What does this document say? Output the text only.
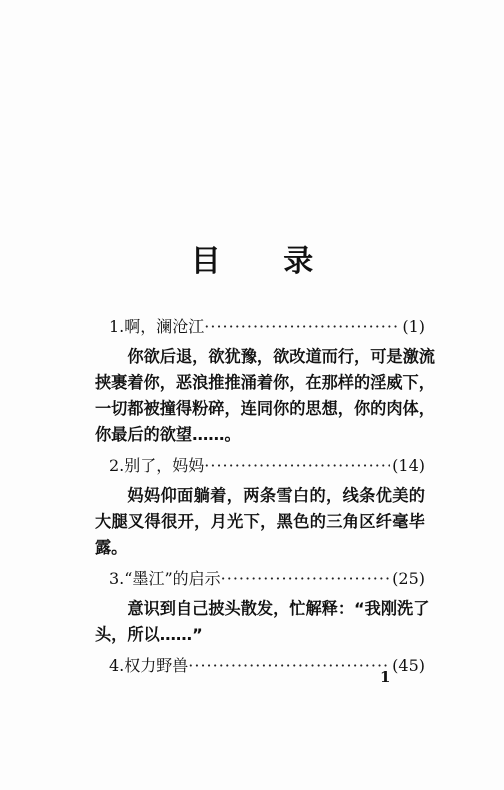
目 录
1.啊，澜沧江 ·····	(1)
你欲后退，欲犹豫，欲改道而行，可是激流
挟裹着你，恶浪推推涌着你，在那样的淫威下，
一切都被撞得粉碎，连同你的思想，你的肉体，
你最后的欲望……。
2.别了，妈妈 ·····	(14)
妈妈仰面躺着，两条雪白的，线条优美的
大腿叉得很开，月光下，黑色的三角区纤毫毕
露。
3.“墨江”的启示 ·····	(25)
意识到自己披头散发，忙解释：“我刚洗了
头，所以……”
4.权力野兽 ·····	(45)
1
